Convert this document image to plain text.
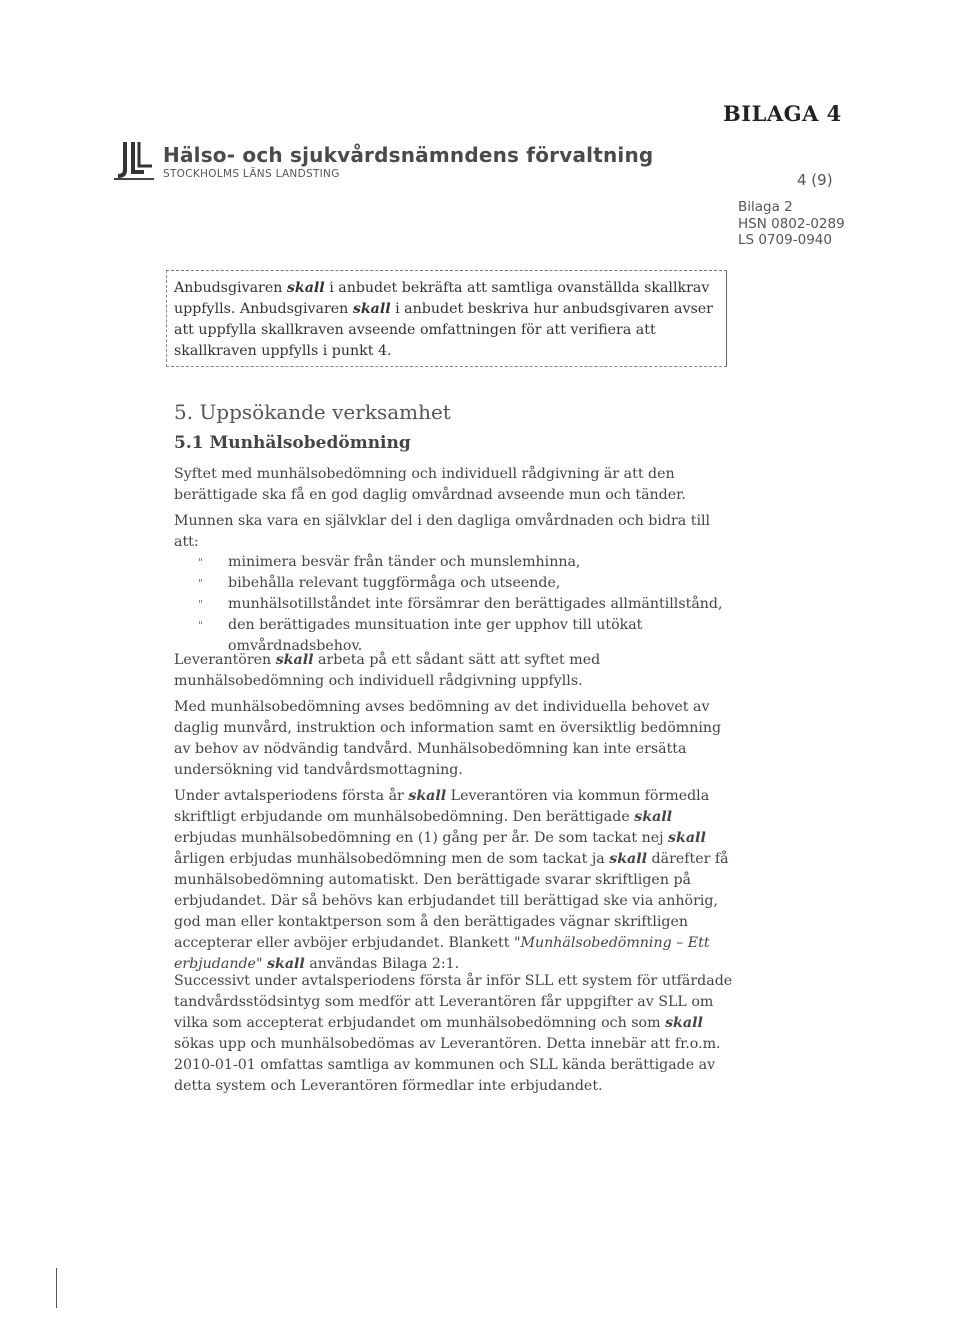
BILAGA 4
Hälso- och sjukvårdsnämndens förvaltning
STOCKHOLMS LÄNS LANDSTING	4 (9)
Bilaga 2
HSN 0802-0289
LS 0709-0940
Anbudsgivaren skall i anbudet bekräfta att samtliga ovanställda skallkrav uppfylls. Anbudsgivaren skall i anbudet beskriva hur anbudsgivaren avser att uppfylla skallkraven avseende omfattningen för att verifiera att skallkraven uppfylls i punkt 4.
5. Uppsökande verksamhet
5.1 Munhälsobedömning
Syftet med munhälsobedömning och individuell rådgivning är att den berättigade ska få en god daglig omvårdnad avseende mun och tänder.
Munnen ska vara en självklar del i den dagliga omvårdnaden och bidra till att:
" minimera besvär från tänder och munslemhinna,
" bibehålla relevant tuggförmåga och utseende,
" munhälsotillståndet inte försämrar den berättigades allmäntillstånd,
" den berättigades munsituation inte ger upphov till utökat omvårdnadsbehov.
Leverantören skall arbeta på ett sådant sätt att syftet med munhälsobedömning och individuell rådgivning uppfylls.
Med munhälsobedömning avses bedömning av det individuella behovet av daglig munvård, instruktion och information samt en översiktlig bedömning av behov av nödvändig tandvård. Munhälsobedömning kan inte ersätta undersökning vid tandvårdsmottagning.
Under avtalsperiodens första år skall Leverantören via kommun förmedla skriftligt erbjudande om munhälsobedömning. Den berättigade skall erbjudas munhälsobedömning en (1) gång per år. De som tackat nej skall årligen erbjudas munhälsobedömning men de som tackat ja skall därefter få munhälsobedömning automatiskt. Den berättigade svarar skriftligen på erbjudandet. Där så behövs kan erbjudandet till berättigad ske via anhörig, god man eller kontaktperson som å den berättigades vägnar skriftligen accepterar eller avböjer erbjudandet. Blankett "Munhälsobedömning – Ett erbjudande" skall användas Bilaga 2:1.
Successivt under avtalsperiodens första år inför SLL ett system för utfärdade tandvårdsstödsintyg som medför att Leverantören får uppgifter av SLL om vilka som accepterat erbjudandet om munhälsobedömning och som skall sökas upp och munhälsobedömas av Leverantören. Detta innebär att fr.o.m. 2010-01-01 omfattas samtliga av kommunen och SLL kända berättigade av detta system och Leverantören förmedlar inte erbjudandet.
